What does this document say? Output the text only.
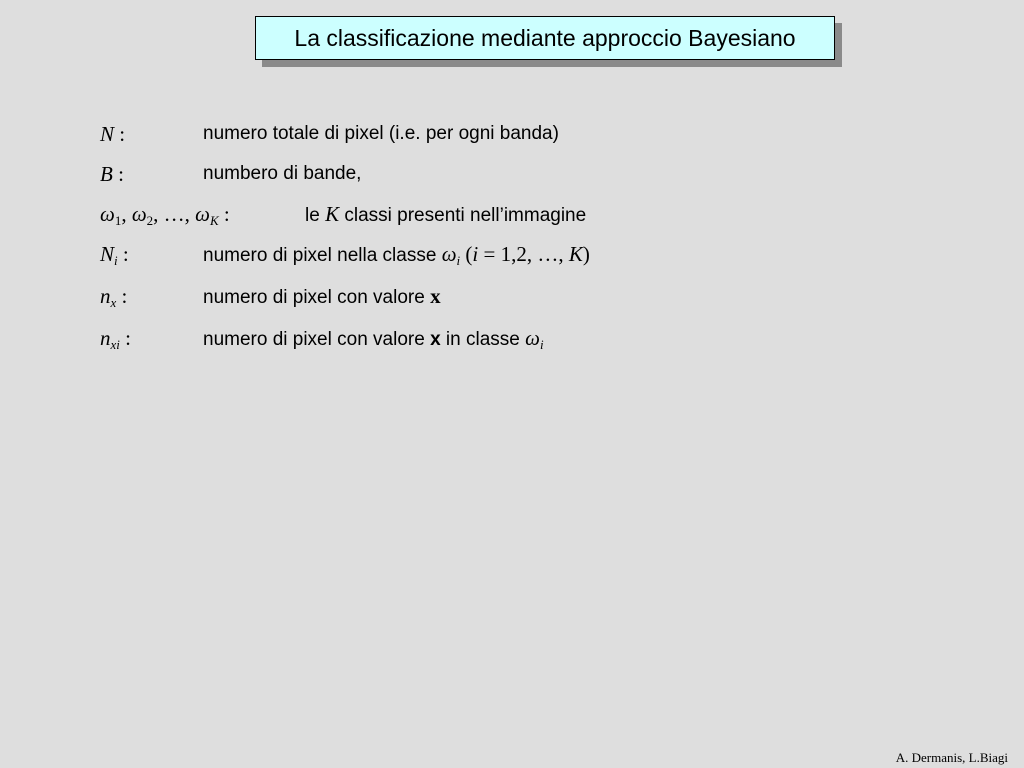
La classificazione mediante approccio Bayesiano
N :	numero totale di pixel (i.e. per ogni banda)
B :	numbero di bande,
$\omega_1$, $\omega_2$, …, $\omega_K$ :	le K classi presenti nell’immagine
$N_i$ :	numero di pixel nella classe $\omega_i$ (i = 1,2, …, K)
$n_x$ :	numero di pixel con valore x
$n_{xi}$ :	numero di pixel con valore x in classe $\omega_i$
A. Dermanis, L.Biagi
